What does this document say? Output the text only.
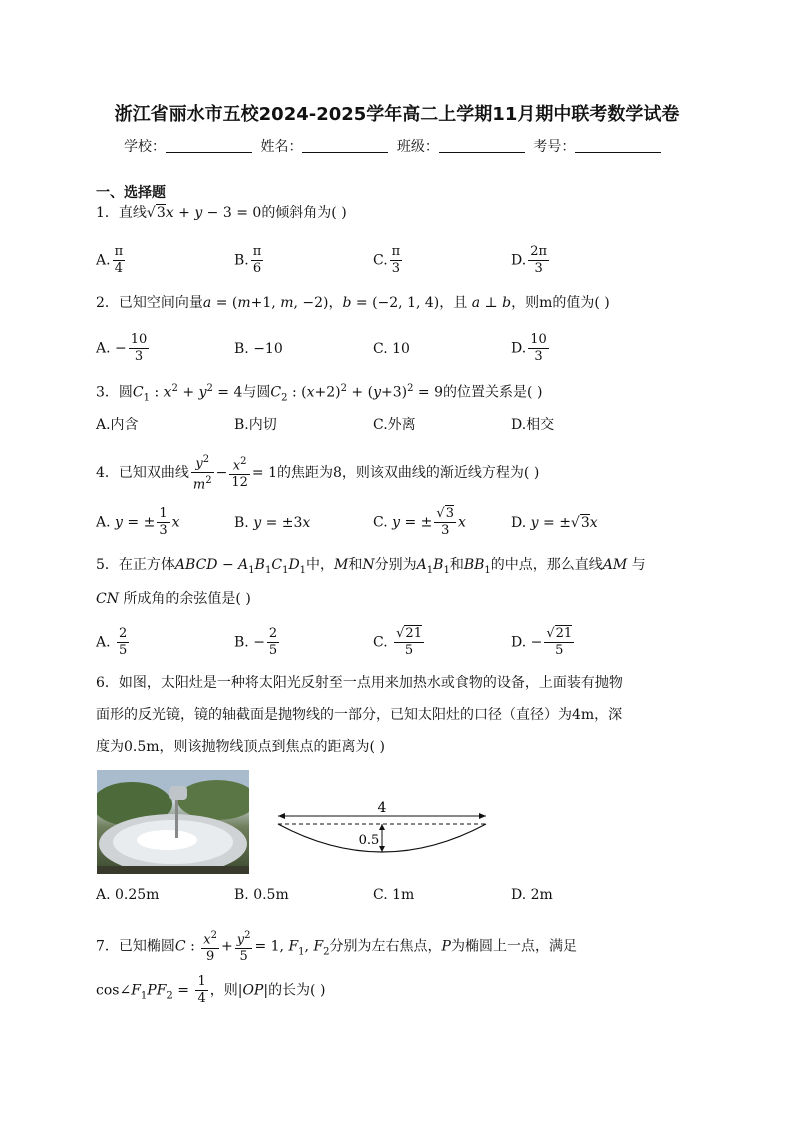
浙江省丽水市五校2024-2025学年高二上学期11月期中联考数学试卷
学校：	姓名：	班级：	考号：
一、选择题
1．直线√3x + y − 3 = 0的倾斜角为( )
A. $\frac{\pi}{4}$	B. $\frac{\pi}{6}$	C. $\frac{\pi}{3}$	D. $\frac{2\pi}{3}$
2．已知空间向量a = (m+1, m, −2)，b = (−2, 1, 4)，且 a ⊥ b，则m的值为( )
A. − $\frac{10}{3}$	B. −10	C. 10	D. $\frac{10}{3}$
3．圆$C_1$ : $x^2 + y^2 = 4$与圆$C_2$ : $(x+2)^2 + (y+3)^2 = 9$的位置关系是( )
A.内含	B.内切	C.外离	D.相交
4．已知双曲线 $\frac{y^2}{m^2} - \frac{x^2}{12} = 1$的焦距为8，则该双曲线的渐近线方程为( )
A. y = ± $\frac{1}{3}$ x	B. y = ±3x	C. y = ± $\frac{√3}{3}$ x	D. y = ±√3x
5．在正方体ABCD − $A_1B_1C_1D_1$中，M和N分别为$A_1B_1$和$BB_1$的中点，那么直线AM 与
CN 所成角的余弦值是( )
A. $\frac{2}{5}$	B. − $\frac{2}{5}$	C. $\frac{√21}{5}$	D. − $\frac{√21}{5}$
6．如图，太阳灶是一种将太阳光反射至一点用来加热水或食物的设备，上面装有抛物
面形的反光镜，镜的轴截面是抛物线的一部分，已知太阳灶的口径（直径）为4m，深
度为0.5m，则该抛物线顶点到焦点的距离为( )
4
0.5
A. 0.25m	B. 0.5m	C. 1m	D. 2m
7．已知椭圆C : $\frac{x^2}{9} + \frac{y^2}{5} = 1$, $F_1$, $F_2$分别为左右焦点，P为椭圆上一点，满足
$\cos\angle F_1PF_2 = \frac{1}{4}$ ，则|OP|的长为( )
